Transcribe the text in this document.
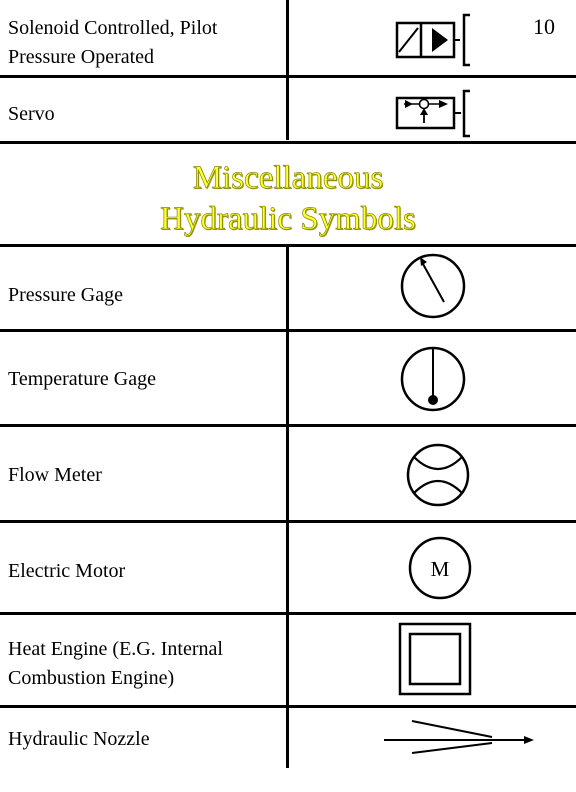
10
Miscellaneous
Hydraulic Symbols
Solenoid Controlled, Pilot
Pressure Operated
Servo
Pressure Gage
Temperature Gage
Flow Meter
Electric Motor
Heat Engine (E.G. Internal
Combustion Engine)
Hydraulic Nozzle
M
